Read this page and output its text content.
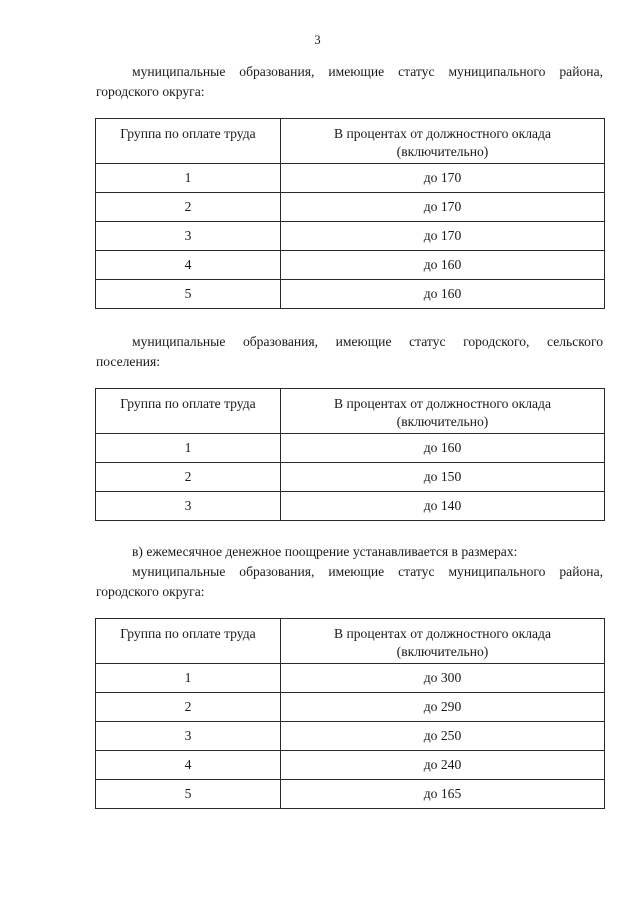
3

муниципальные образования, имеющие статус муниципального района,
городского округа:

Группа по оплате труда	В процентах от должностного оклада
(включительно)

1	до 170
2	до 170
3	до 170
4	до 160
5	до 160

муниципальные образования, имеющие статус городского, сельского
поселения:

Группа по оплате труда	В процентах от должностного оклада
(включительно)

1	до 160
2	до 150
3	до 140

в) ежемесячное денежное поощрение устанавливается в размерах:

муниципальные образования, имеющие статус муниципального района,
городского округа:

Группа по оплате труда	В процентах от должностного оклада
(включительно)

1	до 300
2	до 290
3	до 250
4	до 240
5	до 165
